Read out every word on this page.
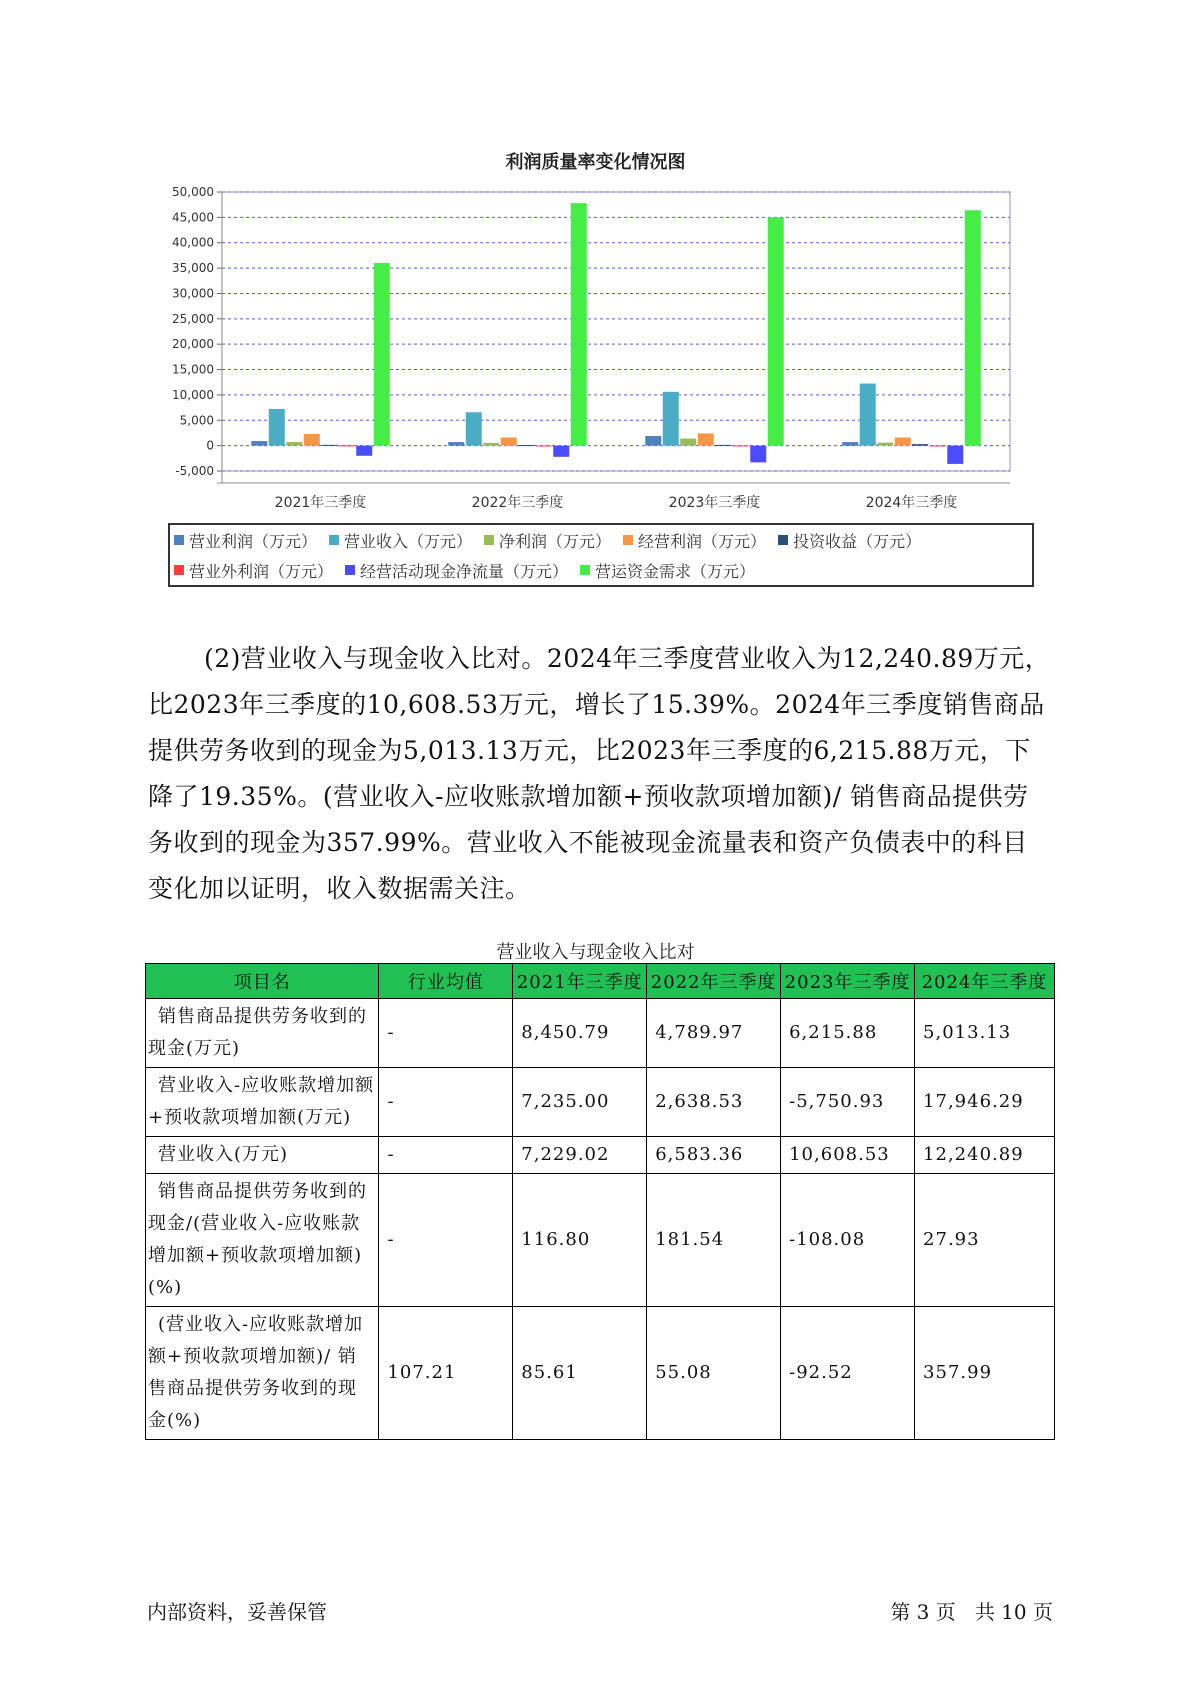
利润质量率变化情况图
-5,000
0
5,000
10,000
15,000
20,000
25,000
30,000
35,000
40,000
45,000
50,000
2021年三季度	2022年三季度	2023年三季度	2024年三季度
营业利润（万元） 营业收入（万元） 净利润（万元） 经营利润（万元） 投资收益（万元）
营业外利润（万元） 经营活动现金净流量（万元） 营运资金需求（万元）

(2)营业收入与现金收入比对。2024年三季度营业收入为12,240.89万元，比2023年三季度的10,608.53万元，增长了15.39%。2024年三季度销售商品提供劳务收到的现金为5,013.13万元，比2023年三季度的6,215.88万元，下降了19.35%。(营业收入-应收账款增加额+预收款项增加额)/ 销售商品提供劳务收到的现金为357.99%。营业收入不能被现金流量表和资产负债表中的科目变化加以证明，收入数据需关注。

营业收入与现金收入比对
项目名	行业均值	2021年三季度	2022年三季度	2023年三季度	2024年三季度
销售商品提供劳务收到的现金(万元)	-	8,450.79	4,789.97	6,215.88	5,013.13
营业收入-应收账款增加额+预收款项增加额(万元)	-	7,235.00	2,638.53	-5,750.93	17,946.29
营业收入(万元)	-	7,229.02	6,583.36	10,608.53	12,240.89
销售商品提供劳务收到的现金/(营业收入-应收账款增加额+预收款项增加额)(%)	-	116.80	181.54	-108.08	27.93
(营业收入-应收账款增加额+预收款项增加额)/ 销售商品提供劳务收到的现金(%)	107.21	85.61	55.08	-92.52	357.99
内部资料，妥善保管	第 3 页   共 10 页
